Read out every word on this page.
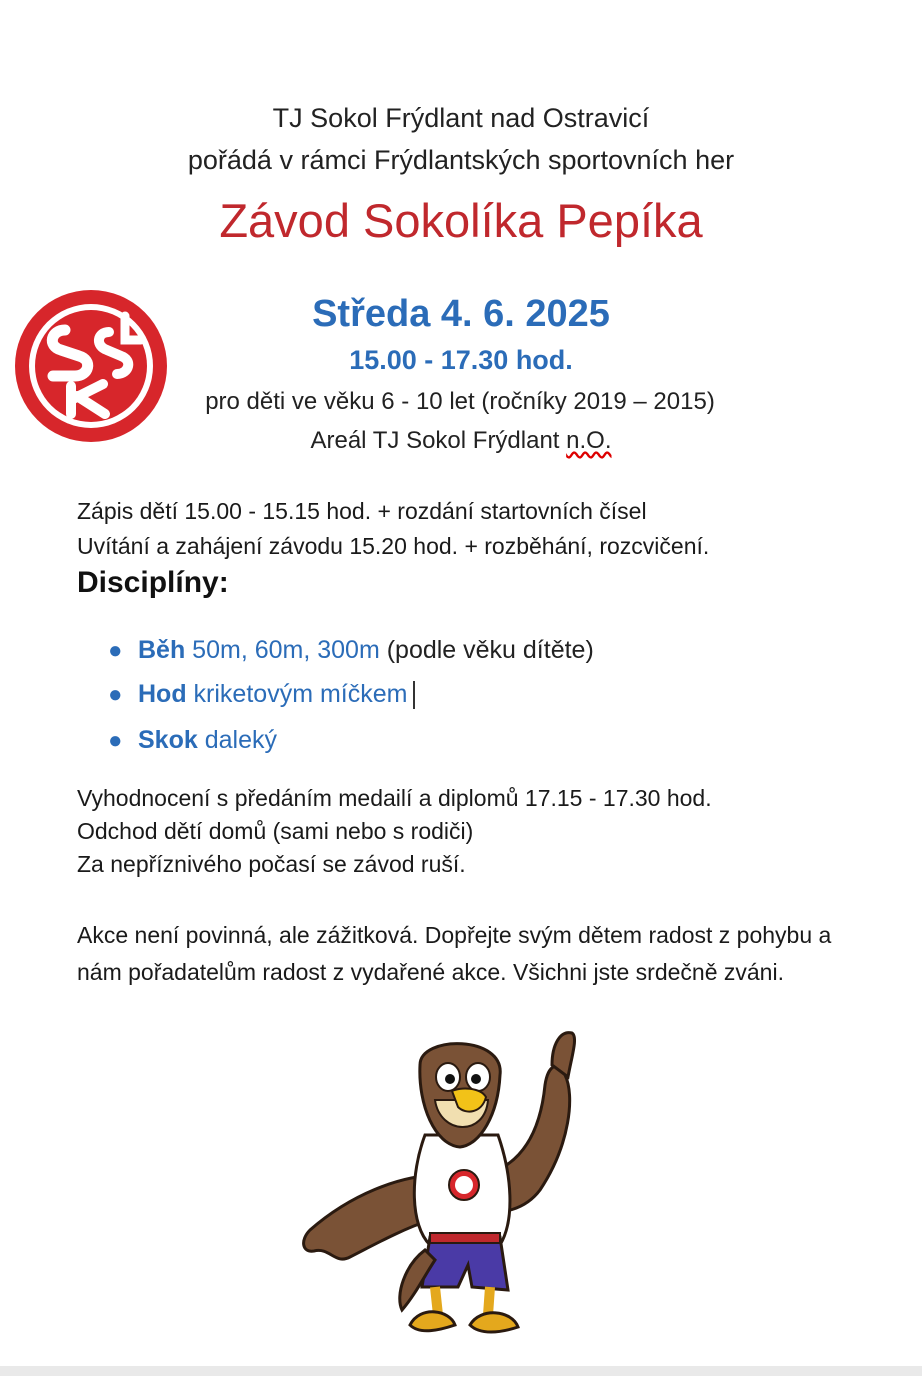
TJ Sokol Frýdlant nad Ostravicí
pořádá v rámci Frýdlantských sportovních her
Závod Sokolíka Pepíka
Středa 4. 6. 2025
15.00 - 17.30 hod.
pro děti ve věku 6 - 10 let (ročníky 2019 – 2015)
Areál TJ Sokol Frýdlant n.O.
Zápis dětí 15.00 - 15.15 hod. + rozdání startovních čísel
Uvítání a zahájení závodu 15.20 hod. + rozběhání, rozcvičení.
Disciplíny:
● Běh 50m, 60m, 300m (podle věku dítěte)
● Hod kriketovým míčkem
● Skok daleký
Vyhodnocení s předáním medailí a diplomů 17.15 - 17.30 hod.
Odchod dětí domů (sami nebo s rodiči)
Za nepříznivého počasí se závod ruší.
Akce není povinná, ale zážitková. Dopřejte svým dětem radost z pohybu a nám pořadatelům radost z vydařené akce. Všichni jste srdečně zváni.
